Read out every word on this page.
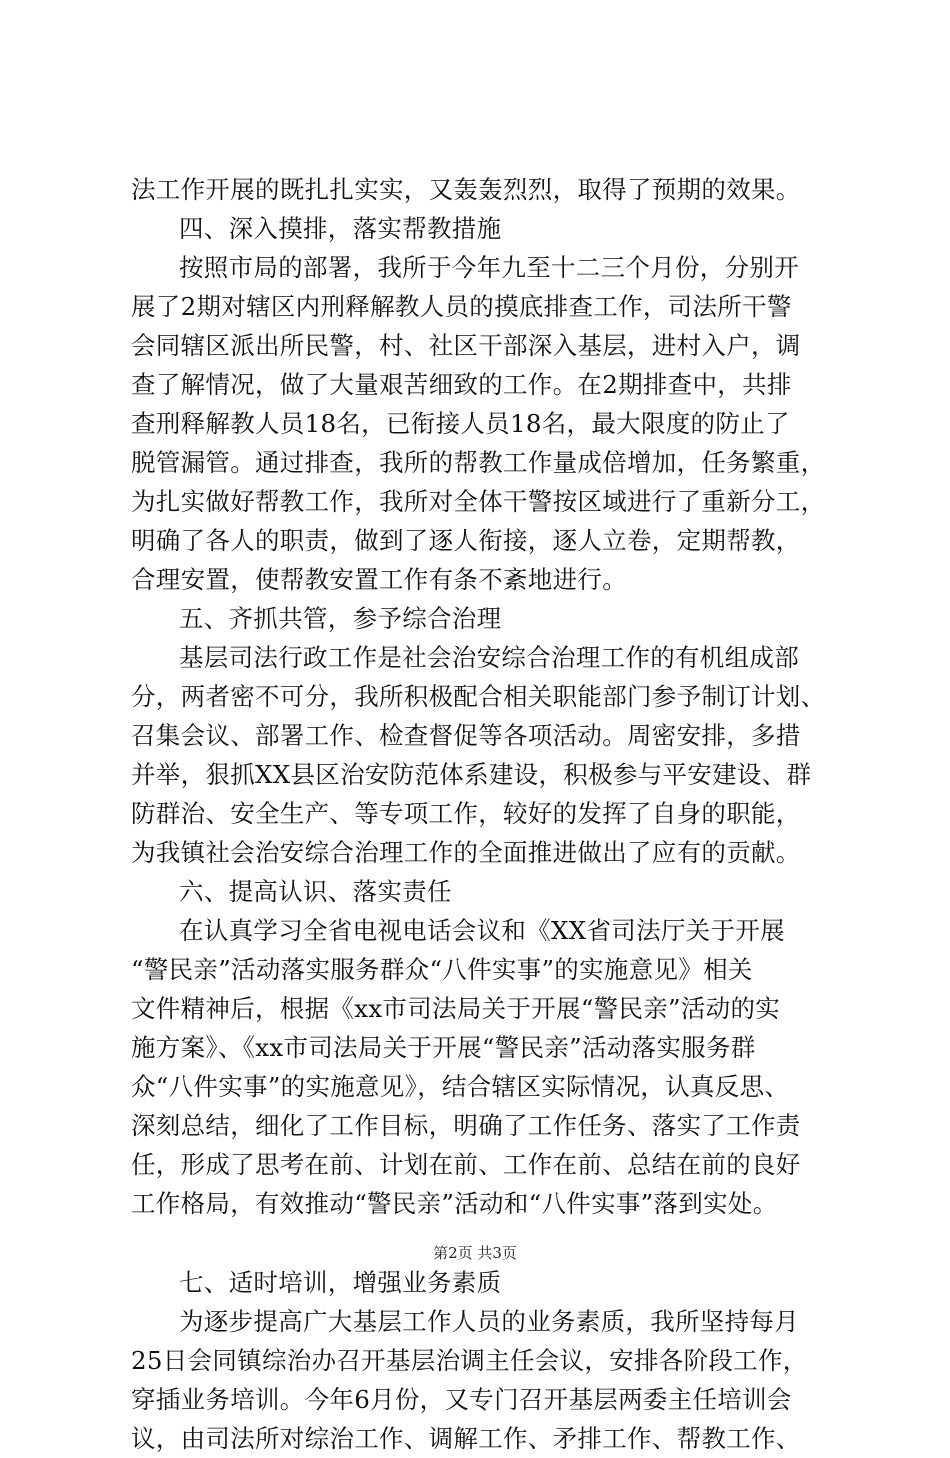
法工作开展的既扎扎实实，又轰轰烈烈，取得了预期的效果。
四、深入摸排，落实帮教措施
按照市局的部署，我所于今年九至十二三个月份，分别开
展了2期对辖区内刑释解教人员的摸底排查工作，司法所干警
会同辖区派出所民警，村、社区干部深入基层，进村入户，调
查了解情况，做了大量艰苦细致的工作。在2期排查中，共排
查刑释解教人员18名，已衔接人员18名，最大限度的防止了
脱管漏管。通过排查，我所的帮教工作量成倍增加，任务繁重，
为扎实做好帮教工作，我所对全体干警按区域进行了重新分工，
明确了各人的职责，做到了逐人衔接，逐人立卷，定期帮教，
合理安置，使帮教安置工作有条不紊地进行。
五、齐抓共管，参予综合治理
基层司法行政工作是社会治安综合治理工作的有机组成部
分，两者密不可分，我所积极配合相关职能部门参予制订计划、
召集会议、部署工作、检查督促等各项活动。周密安排，多措
并举，狠抓XX县区治安防范体系建设，积极参与平安建设、群
防群治、安全生产、等专项工作，较好的发挥了自身的职能，
为我镇社会治安综合治理工作的全面推进做出了应有的贡献。
六、提高认识、落实责任
在认真学习全省电视电话会议和《XX省司法厅关于开展
“警民亲”活动落实服务群众“八件实事”的实施意见》相关
文件精神后，根据《xx市司法局关于开展“警民亲”活动的实
施方案》、《xx市司法局关于开展“警民亲”活动落实服务群
众“八件实事”的实施意见》，结合辖区实际情况，认真反思、
深刻总结，细化了工作目标，明确了工作任务、落实了工作责
任，形成了思考在前、计划在前、工作在前、总结在前的良好
工作格局，有效推动“警民亲”活动和“八件实事”落到实处。
七、适时培训，增强业务素质
为逐步提高广大基层工作人员的业务素质，我所坚持每月
25日会同镇综治办召开基层治调主任会议，安排各阶段工作，
穿插业务培训。今年6月份，又专门召开基层两委主任培训会
议，由司法所对综治工作、调解工作、矛排工作、帮教工作、
第2页 共3页
